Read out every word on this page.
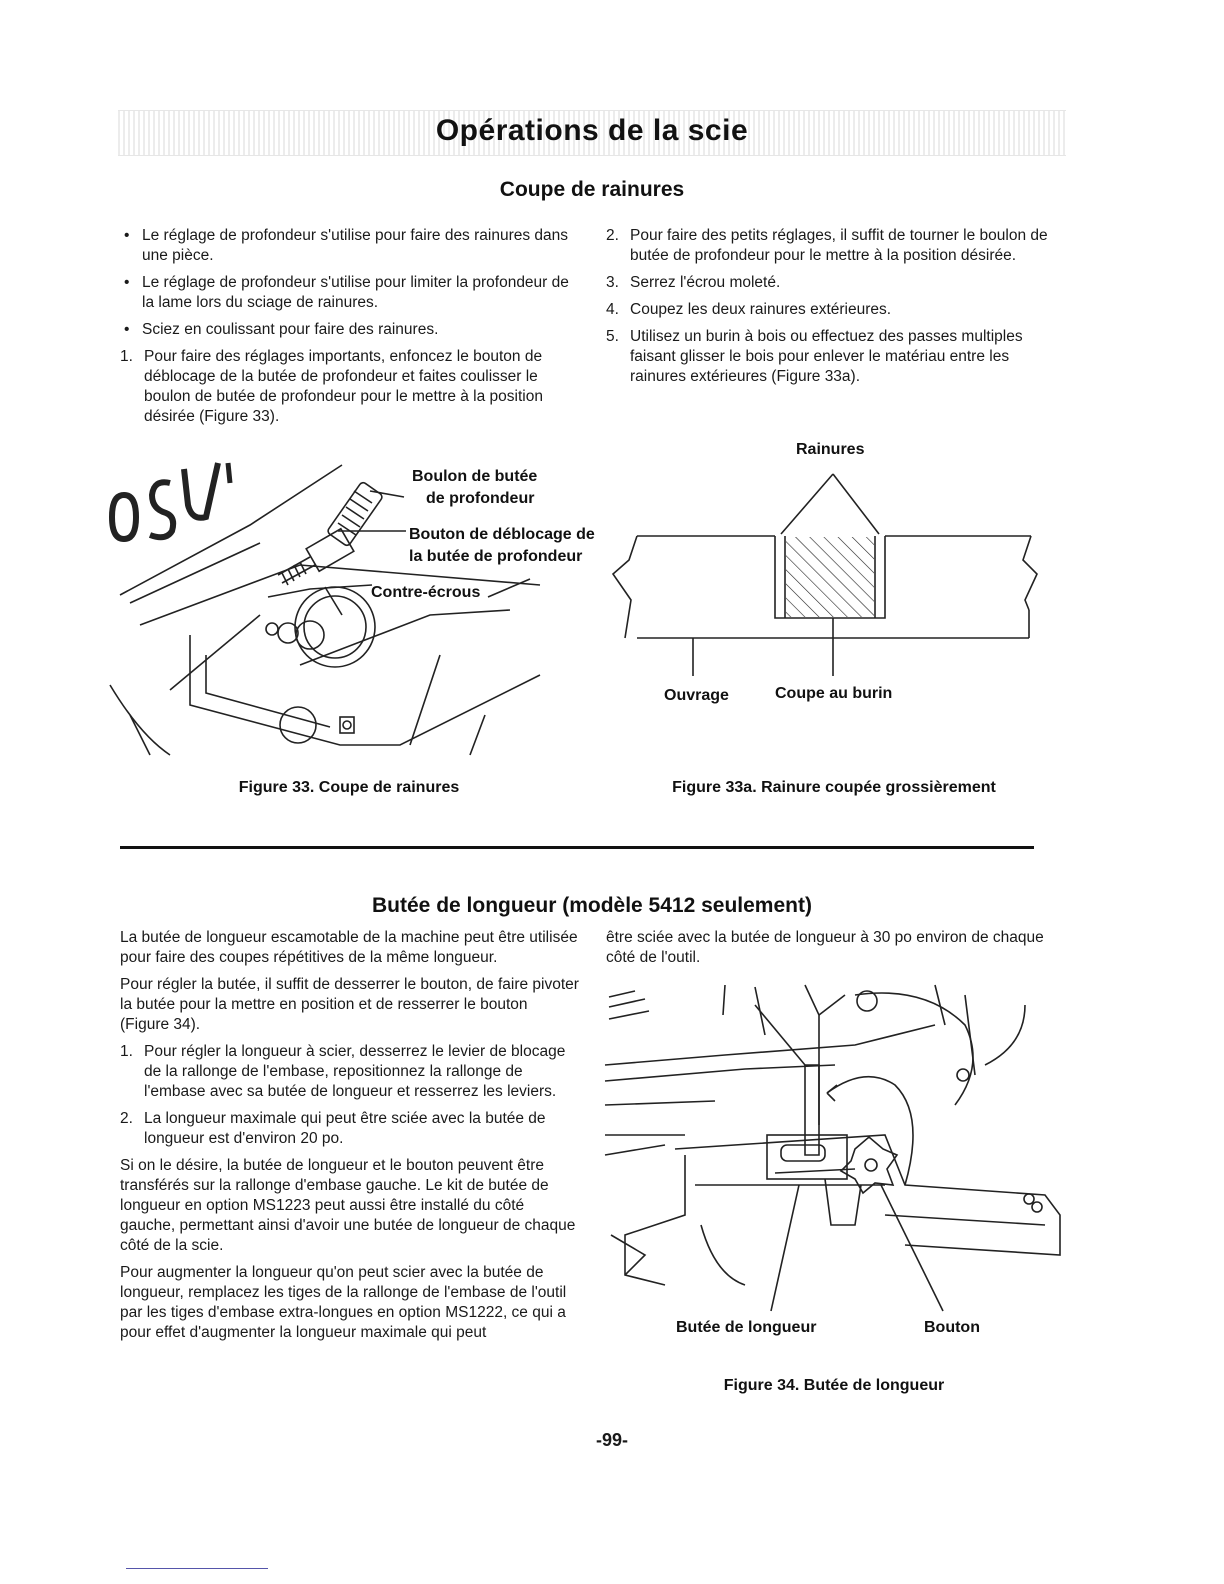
Opérations de la scie
Coupe de rainures

• Le réglage de profondeur s'utilise pour faire des rainures dans une pièce.

• Le réglage de profondeur s'utilise pour limiter la profondeur de la lame lors du sciage de rainures.

• Sciez en coulissant pour faire des rainures.

1. Pour faire des réglages importants, enfoncez le bouton de déblocage de la butée de profondeur et faites coulisser le boulon de butée de profondeur pour le mettre à la position désirée (Figure 33).

2. Pour faire des petits réglages, il suffit de tourner le boulon de butée de profondeur pour le mettre à la position désirée.

3. Serrez l'écrou moleté.

4. Coupez les deux rainures extérieures.

5. Utilisez un burin à bois ou effectuez des passes multiples faisant glisser le bois pour enlever le matériau entre les rainures extérieures (Figure 33a).

Boulon de butée
de profondeur
Bouton de déblocage de
la butée de profondeur
Contre-écrous
Figure 33. Coupe de rainures
Rainures
Ouvrage	Coupe au burin
Figure 33a. Rainure coupée grossièrement
Butée de longueur (modèle 5412 seulement)

La butée de longueur escamotable de la machine peut être utilisée pour faire des coupes répétitives de la même longueur.

Pour régler la butée, il suffit de desserrer le bouton, de faire pivoter la butée pour la mettre en position et de resserrer le bouton (Figure 34).

1. Pour régler la longueur à scier, desserrez le levier de blocage de la rallonge de l'embase, repositionnez la rallonge de l'embase avec sa butée de longueur et resserrez les leviers.

2. La longueur maximale qui peut être sciée avec la butée de longueur est d'environ 20 po.

Si on le désire, la butée de longueur et le bouton peuvent être transférés sur la rallonge d'embase gauche. Le kit de butée de longueur en option MS1223 peut aussi être installé du côté gauche, permettant ainsi d'avoir une butée de longueur de chaque côté de la scie.

Pour augmenter la longueur qu'on peut scier avec la butée de longueur, remplacez les tiges de la rallonge de l'embase de l'outil par les tiges d'embase extra-longues en option MS1222, ce qui a pour effet d'augmenter la longueur maximale qui peut

être sciée avec la butée de longueur à 30 po environ de chaque côté de l'outil.

Butée de longueur	Bouton
Figure 34. Butée de longueur
-99-
